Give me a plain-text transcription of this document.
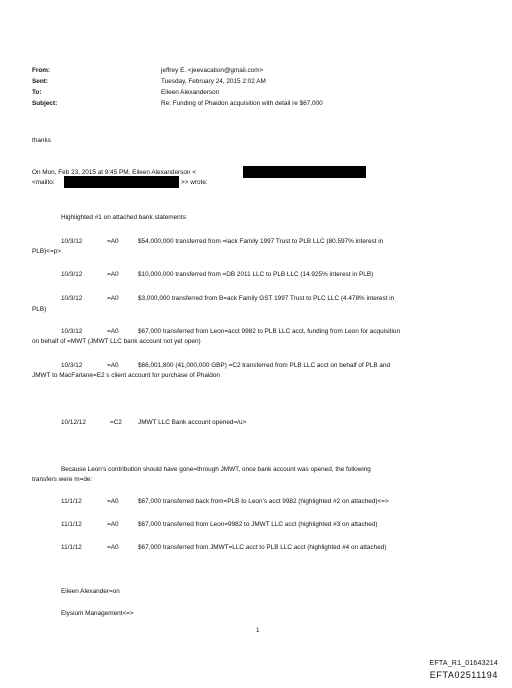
From:	jeffrey E. <jeevacation@gmail.com>
Sent:	Tuesday, February 24, 2015 2:02 AM
To:	Eileen Alexanderson
Subject:	Re: Funding of Phaidon acquisition with detail re $67,000
thanks
On Mon, Feb 23, 2015 at 9:45 PM, Eileen Alexanderson <
<mailto:	>> wrote:
Highlighted #1 on attached bank statements:
10/3/12	=A0	$54,000,000 transferred from =lack Family 1997 Trust to PLB LLC (80.597% interest in
PLB)<=p>
10/3/12	=A0	$10,000,000 transferred from =DB 2011 LLC to PLB LLC (14.925% interest in PLB)
10/3/12	=A0	$3,000,000 transferred from B=ack Family GST 1997 Trust to PLC LLC (4.478% interest in
PLB)
10/3/12	=A0	$67,000 transferred from Leon=acct 9982 to PLB LLC acct, funding from Leon for acquisition
on behalf of =MWT (JMWT LLC bank account not yet open)
10/3/12	=A0	$66,001,800 (41,000,000 GBP) =C2 transferred from PLB LLC acct on behalf of PLB and
JMWT to MacFarlane=E2 s client account for purchase of Phaidon
10/12/12	=C2	JMWT LLC Bank account opened=/u>
Because Leon’s contribution should have gone=through JMWT, once bank account was opened, the following
transfers were m=de:
11/1/12	=A0	$67,000 transferred back from=PLB to Leon’s acct 9982 (highlighted #2 on attached)<=>
11/1/12	=A0	$67,000 transferred from Leon=9982 to JMWT LLC acct (highlighted #3 on attached)
11/1/12	=A0	$67,000 transferred from JMWT=LLC acct to PLB LLC acct (highlighted #4 on attached)
Eileen Alexander=on
Elysium Management<=>
1
EFTA_R1_01643214
EFTA02511194
